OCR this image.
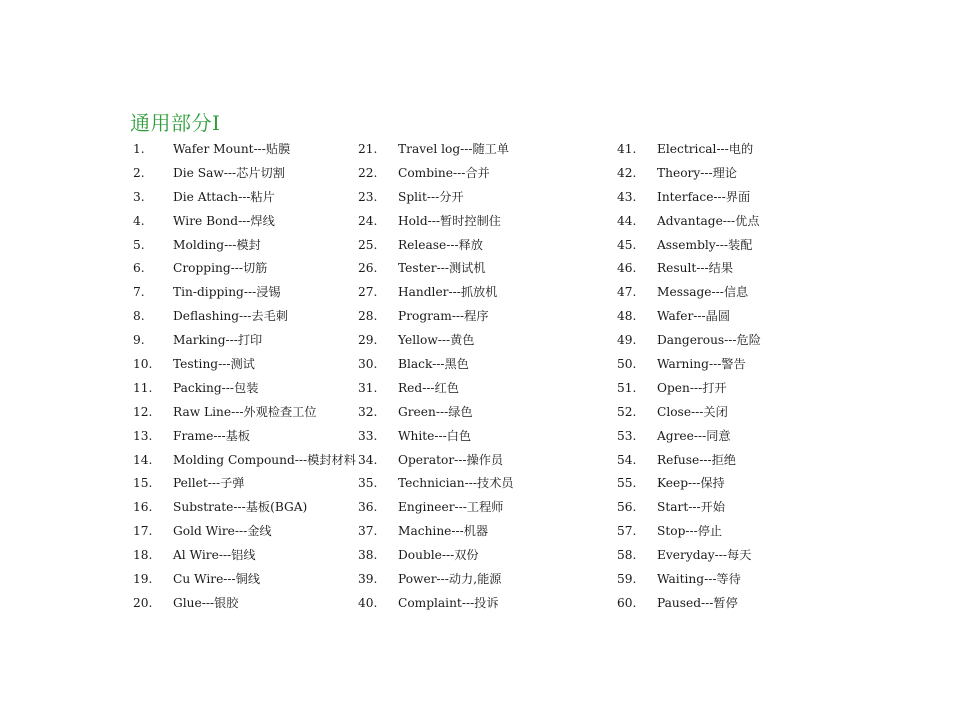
通用部分I
1.	Wafer Mount---贴膜
2.	Die Saw---芯片切割
3.	Die Attach---粘片
4.	Wire Bond---焊线
5.	Molding---模封
6.	Cropping---切筋
7.	Tin-dipping---浸锡
8.	Deflashing---去毛刺
9.	Marking---打印
10.	Testing---测试
11.	Packing---包装
12.	Raw Line---外观检查工位
13.	Frame---基板
14.	Molding Compound---模封材料
15.	Pellet---子弹
16.	Substrate---基板(BGA)
17.	Gold Wire---金线
18.	Al Wire---铝线
19.	Cu Wire---铜线
20.	Glue---银胶
21.	Travel log---随工单
22.	Combine---合并
23.	Split---分开
24.	Hold---暂时控制住
25.	Release---释放
26.	Tester---测试机
27.	Handler---抓放机
28.	Program---程序
29.	Yellow---黄色
30.	Black---黑色
31.	Red---红色
32.	Green---绿色
33.	White---白色
34.	Operator---操作员
35.	Technician---技术员
36.	Engineer---工程师
37.	Machine---机器
38.	Double---双份
39.	Power---动力,能源
40.	Complaint---投诉
41.	Electrical---电的
42.	Theory---理论
43.	Interface---界面
44.	Advantage---优点
45.	Assembly---装配
46.	Result---结果
47.	Message---信息
48.	Wafer---晶圆
49.	Dangerous---危险
50.	Warning---警告
51.	Open---打开
52.	Close---关闭
53.	Agree---同意
54.	Refuse---拒绝
55.	Keep---保持
56.	Start---开始
57.	Stop---停止
58.	Everyday---每天
59.	Waiting---等待
60.	Paused---暂停
